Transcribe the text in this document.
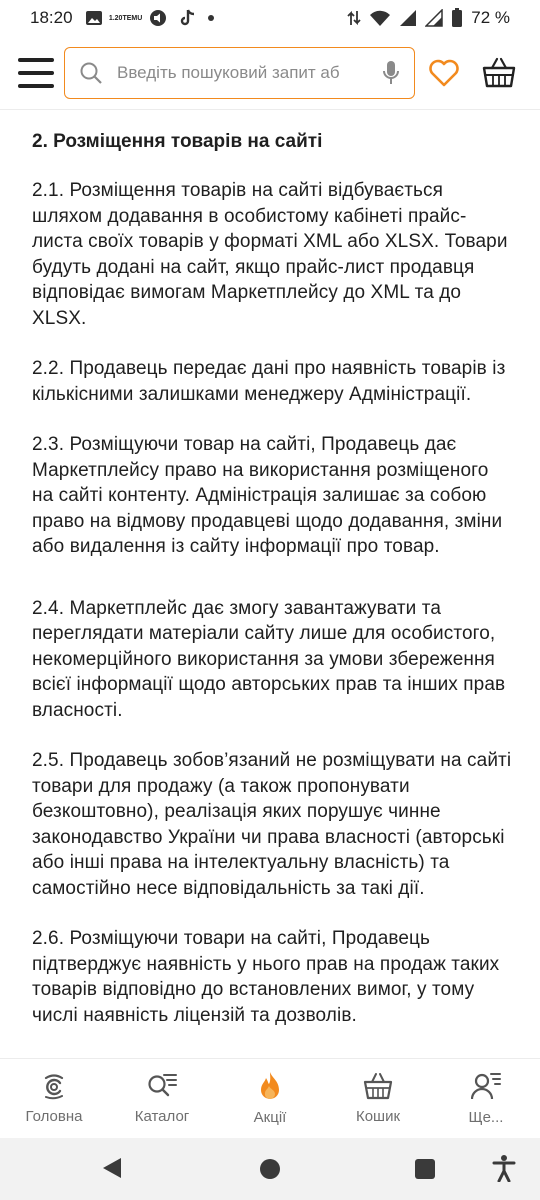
18:20	1.20 TEMU	72 %
Введіть пошуковий запит аб
2. Розміщення товарів на сайті

2.1. Розміщення товарів на сайті відбувається шляхом додавання в особистому кабінеті прайс-листа своїх товарів у форматі XML або XLSX. Товари будуть додані на сайт, якщо прайс-лист продавця відповідає вимогам Маркетплейсу до XML та до XLSX.

2.2. Продавець передає дані про наявність товарів із кількісними залишками менеджеру Адміністрації.

2.3. Розміщуючи товар на сайті, Продавець дає Маркетплейсу право на використання розміщеного на сайті контенту. Адміністрація залишає за собою право на відмову продавцеві щодо додавання, зміни або видалення із сайту інформації про товар.

2.4. Маркетплейс дає змогу завантажувати та переглядати матеріали сайту лише для особистого, некомерційного використання за умови збереження всієї інформації щодо авторських прав та інших прав власності.

2.5. Продавець зобов’язаний не розміщувати на сайті товари для продажу (а також пропонувати безкоштовно), реалізація яких порушує чинне законодавство України чи права власності (авторські або інші права на інтелектуальну власність) та самостійно несе відповідальність за такі дії.

2.6. Розміщуючи товари на сайті, Продавець підтверджує наявність у нього прав на продаж таких товарів відповідно до встановлених вимог, у тому числі наявність ліцензій та дозволів.

Головна	Каталог	Акції	Кошик	Ще...
